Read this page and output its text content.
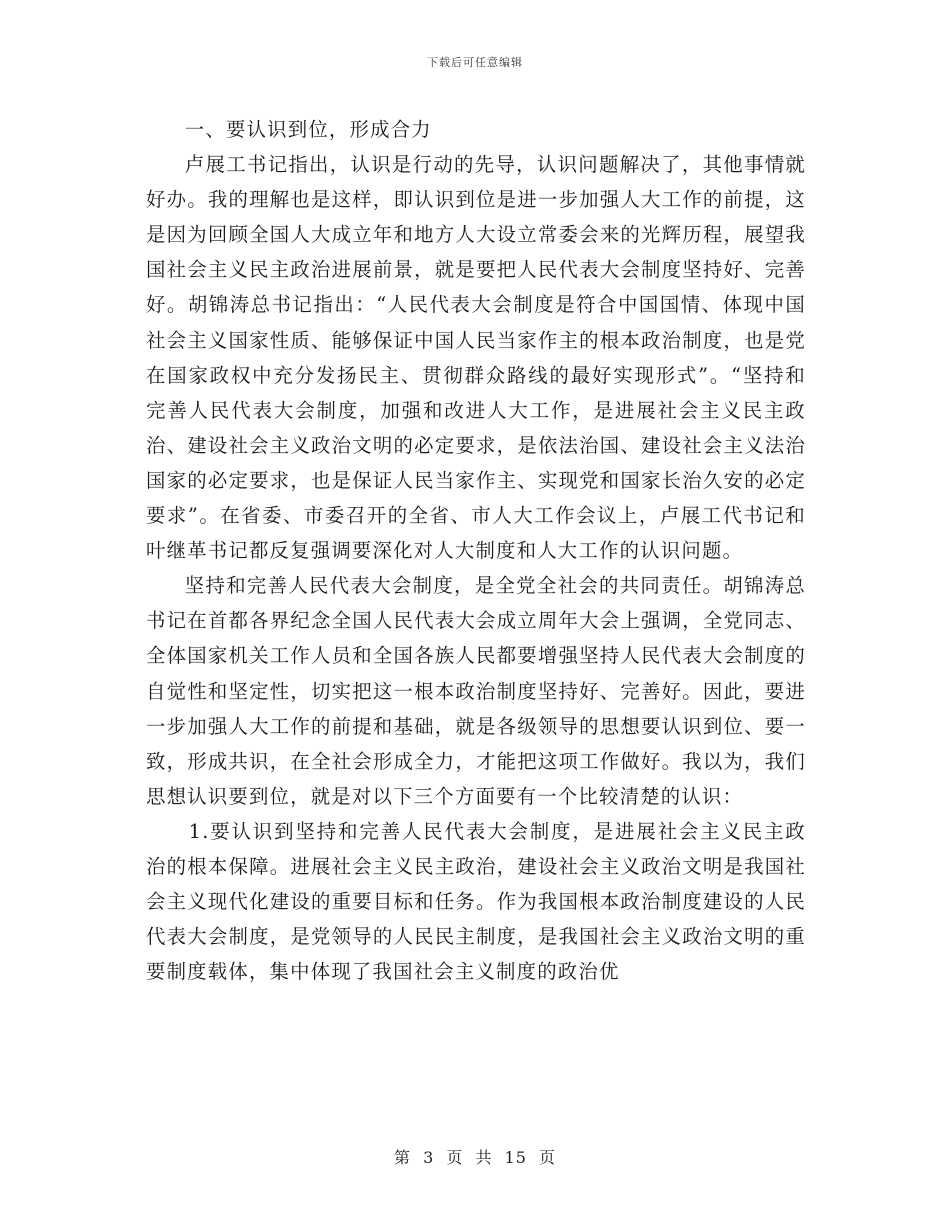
下载后可任意编辑

一、要认识到位，形成合力

卢展工书记指出，认识是行动的先导，认识问题解决了，其他事情就好办。我的理解也是这样，即认识到位是进一步加强人大工作的前提，这是因为回顾全国人大成立年和地方人大设立常委会来的光辉历程，展望我国社会主义民主政治进展前景，就是要把人民代表大会制度坚持好、完善好。胡锦涛总书记指出：“人民代表大会制度是符合中国国情、体现中国社会主义国家性质、能够保证中国人民当家作主的根本政治制度，也是党在国家政权中充分发扬民主、贯彻群众路线的最好实现形式”。“坚持和完善人民代表大会制度，加强和改进人大工作，是进展社会主义民主政治、建设社会主义政治文明的必定要求，是依法治国、建设社会主义法治国家的必定要求，也是保证人民当家作主、实现党和国家长治久安的必定要求”。在省委、市委召开的全省、市人大工作会议上，卢展工代书记和叶继革书记都反复强调要深化对人大制度和人大工作的认识问题。

坚持和完善人民代表大会制度，是全党全社会的共同责任。胡锦涛总书记在首都各界纪念全国人民代表大会成立周年大会上强调，全党同志、全体国家机关工作人员和全国各族人民都要增强坚持人民代表大会制度的自觉性和坚定性，切实把这一根本政治制度坚持好、完善好。因此，要进一步加强人大工作的前提和基础，就是各级领导的思想要认识到位、要一致，形成共识，在全社会形成全力，才能把这项工作做好。我以为，我们思想认识要到位，就是对以下三个方面要有一个比较清楚的认识：

1.要认识到坚持和完善人民代表大会制度，是进展社会主义民主政治的根本保障。进展社会主义民主政治，建设社会主义政治文明是我国社会主义现代化建设的重要目标和任务。作为我国根本政治制度建设的人民代表大会制度，是党领导的人民民主制度，是我国社会主义政治文明的重要制度载体，集中体现了我国社会主义制度的政治优

第 3 页 共 15 页
